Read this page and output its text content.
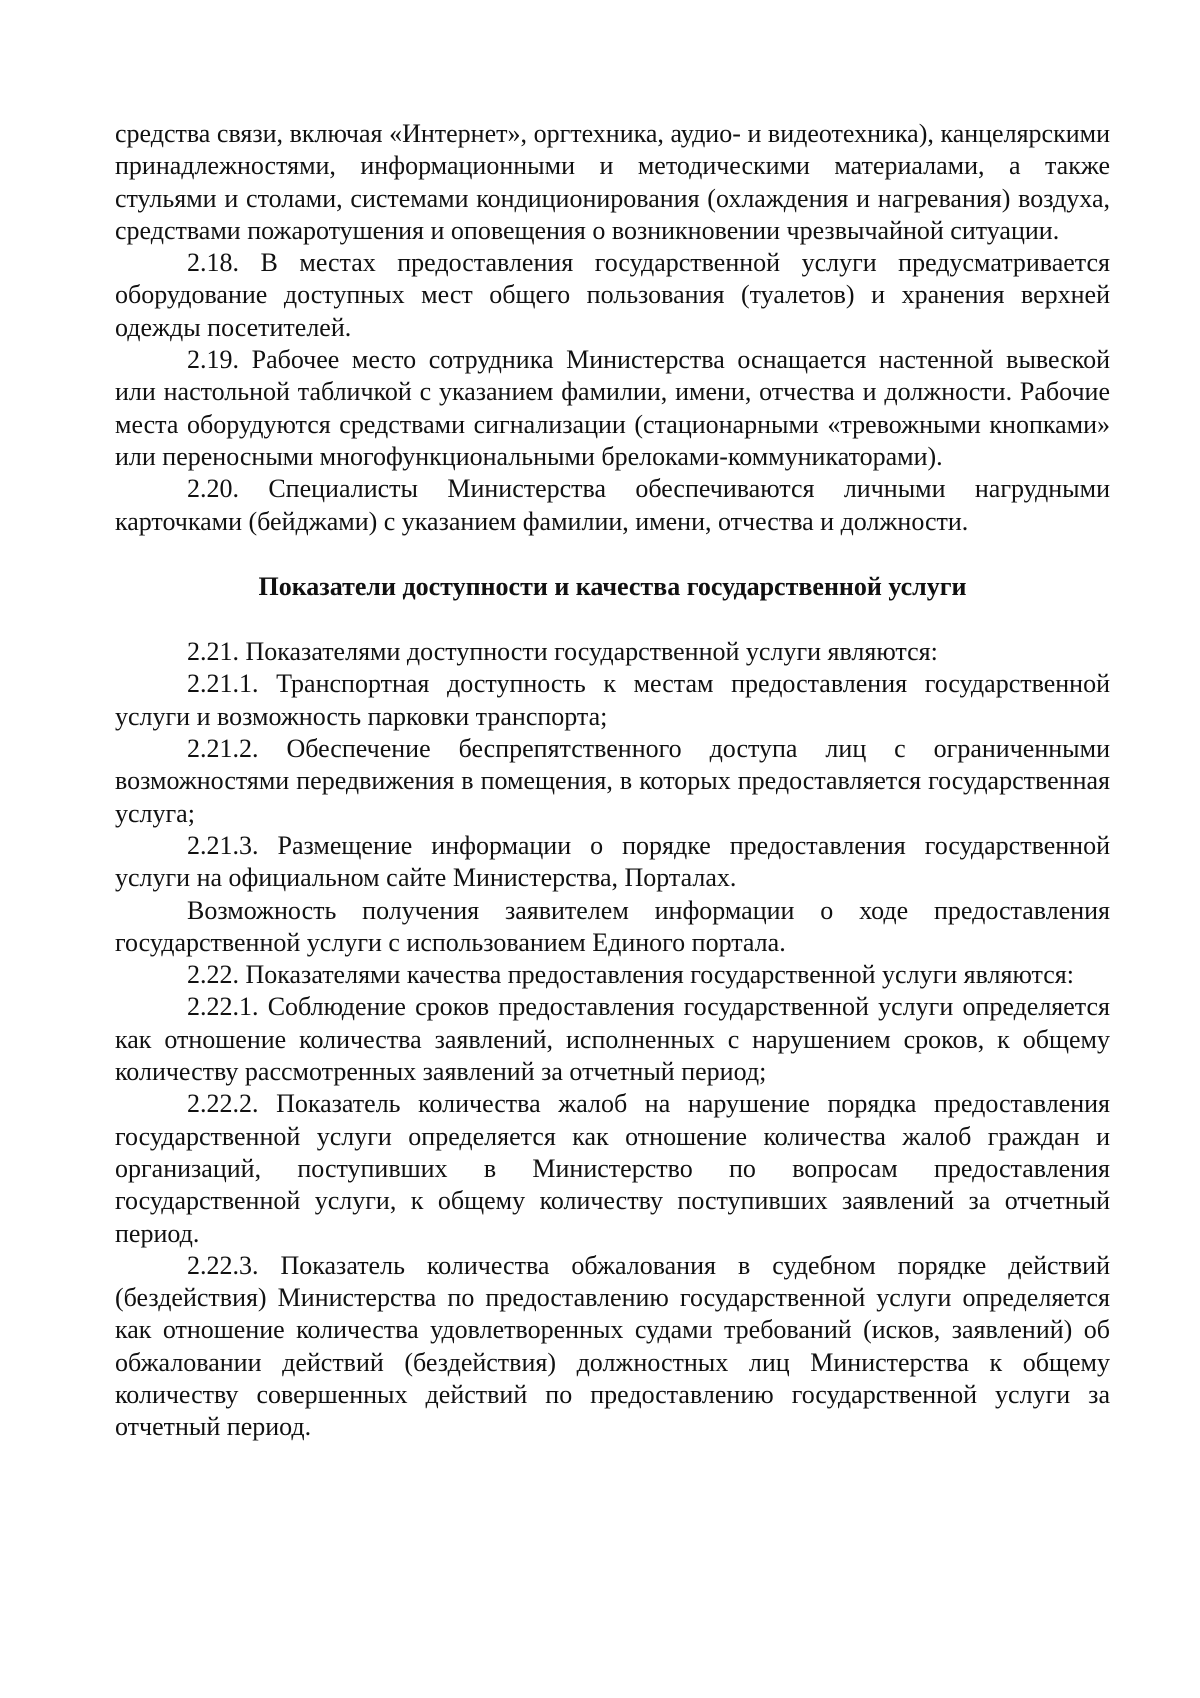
средства связи, включая «Интернет», оргтехника, аудио- и видеотехника), канцелярскими принадлежностями, информационными и методическими материалами, а также стульями и столами, системами кондиционирования (охлаждения и нагревания) воздуха, средствами пожаротушения и оповещения о возникновении чрезвычайной ситуации.

2.18. В местах предоставления государственной услуги предусматривается оборудование доступных мест общего пользования (туалетов) и хранения верхней одежды посетителей.

2.19. Рабочее место сотрудника Министерства оснащается настенной вывеской или настольной табличкой с указанием фамилии, имени, отчества и должности. Рабочие места оборудуются средствами сигнализации (стационарными «тревожными кнопками» или переносными многофункциональными брелоками-коммуникаторами).

2.20. Специалисты Министерства обеспечиваются личными нагрудными карточками (бейджами) с указанием фамилии, имени, отчества и должности.

Показатели доступности и качества государственной услуги

2.21. Показателями доступности государственной услуги являются:

2.21.1. Транспортная доступность к местам предоставления государственной услуги и возможность парковки транспорта;

2.21.2. Обеспечение беспрепятственного доступа лиц с ограниченными возможностями передвижения в помещения, в которых предоставляется государственная услуга;

2.21.3. Размещение информации о порядке предоставления государственной услуги на официальном сайте Министерства, Порталах.

Возможность получения заявителем информации о ходе предоставления государственной услуги с использованием Единого портала.

2.22. Показателями качества предоставления государственной услуги являются:

2.22.1. Соблюдение сроков предоставления государственной услуги определяется как отношение количества заявлений, исполненных с нарушением сроков, к общему количеству рассмотренных заявлений за отчетный период;

2.22.2. Показатель количества жалоб на нарушение порядка предоставления государственной услуги определяется как отношение количества жалоб граждан и организаций, поступивших в Министерство по вопросам предоставления государственной услуги, к общему количеству поступивших заявлений за отчетный период.

2.22.3. Показатель количества обжалования в судебном порядке действий (бездействия) Министерства по предоставлению государственной услуги определяется как отношение количества удовлетворенных судами требований (исков, заявлений) об обжаловании действий (бездействия) должностных лиц Министерства к общему количеству совершенных действий по предоставлению государственной услуги за отчетный период.
